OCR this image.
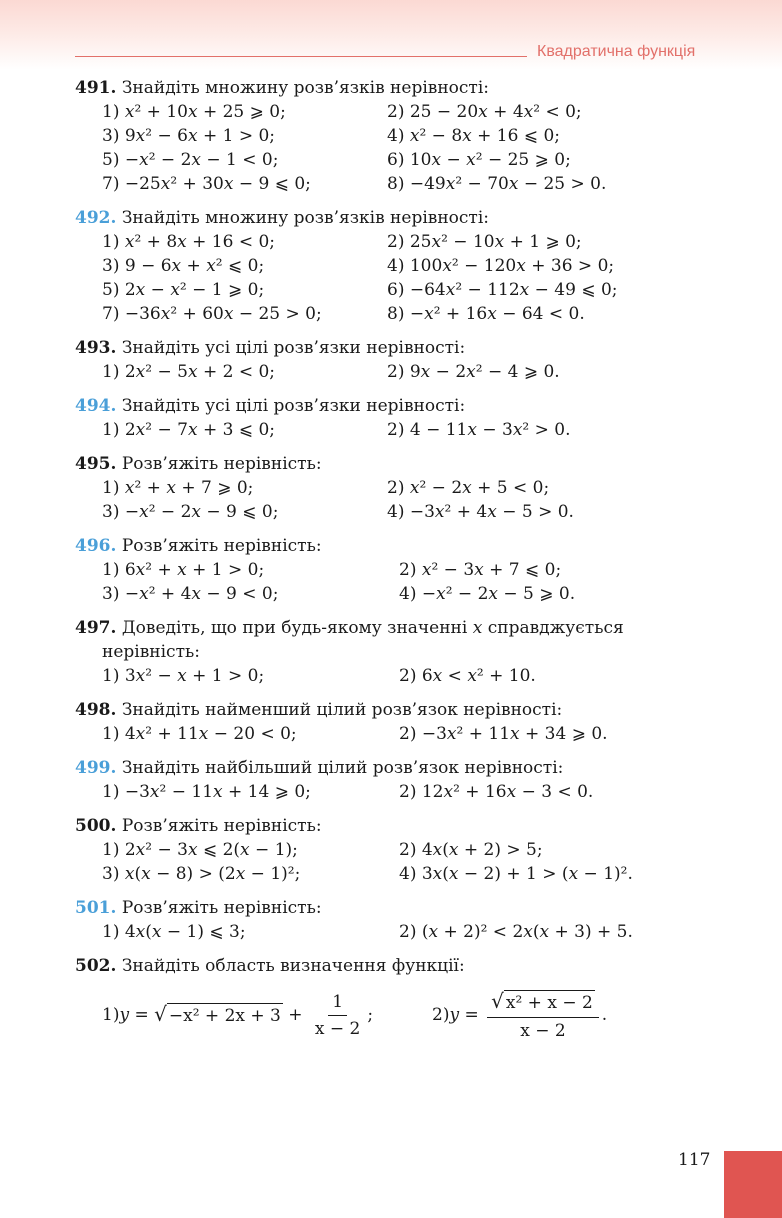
Квадратична функція
491. Знайдіть множину розв’язків нерівності:
1) x² + 10x + 25 ⩾ 0;	2) 25 − 20x + 4x² < 0;
3) 9x² − 6x + 1 > 0;	4) x² − 8x + 16 ⩽ 0;
5) −x² − 2x − 1 < 0;	6) 10x − x² − 25 ⩾ 0;
7) −25x² + 30x − 9 ⩽ 0;	8) −49x² − 70x − 25 > 0.
492. Знайдіть множину розв’язків нерівності:
1) x² + 8x + 16 < 0;	2) 25x² − 10x + 1 ⩾ 0;
3) 9 − 6x + x² ⩽ 0;	4) 100x² − 120x + 36 > 0;
5) 2x − x² − 1 ⩾ 0;	6) −64x² − 112x − 49 ⩽ 0;
7) −36x² + 60x − 25 > 0;	8) −x² + 16x − 64 < 0.
493. Знайдіть усі цілі розв’язки нерівності:
1) 2x² − 5x + 2 < 0;	2) 9x − 2x² − 4 ⩾ 0.
494. Знайдіть усі цілі розв’язки нерівності:
1) 2x² − 7x + 3 ⩽ 0;	2) 4 − 11x − 3x² > 0.
495. Розв’яжіть нерівність:
1) x² + x + 7 ⩾ 0;	2) x² − 2x + 5 < 0;
3) −x² − 2x − 9 ⩽ 0;	4) −3x² + 4x − 5 > 0.
496. Розв’яжіть нерівність:
1) 6x² + x + 1 > 0;	2) x² − 3x + 7 ⩽ 0;
3) −x² + 4x − 9 < 0;	4) −x² − 2x − 5 ⩾ 0.
497. Доведіть, що при будь-якому значенні x справджується
нерівність:
1) 3x² − x + 1 > 0;	2) 6x < x² + 10.
498. Знайдіть найменший цілий розв’язок нерівності:
1) 4x² + 11x − 20 < 0;	2) −3x² + 11x + 34 ⩾ 0.
499. Знайдіть найбільший цілий розв’язок нерівності:
1) −3x² − 11x + 14 ⩾ 0;	2) 12x² + 16x − 3 < 0.
500. Розв’яжіть нерівність:
1) 2x² − 3x ⩽ 2(x − 1);	2) 4x(x + 2) > 5;
3) x(x − 8) > (2x − 1)²;	4) 3x(x − 2) + 1 > (x − 1)².
501. Розв’яжіть нерівність:
1) 4x(x − 1) ⩽ 3;	2) (x + 2)² < 2x(x + 3) + 5.
502. Знайдіть область визначення функції:
1) y = √ $-x^2 + 2x + 3 + \frac{1}{x - 2}$ ;	2) $y = \frac{\text{√ x² + x − 2}}{x - 2}$ .
117
